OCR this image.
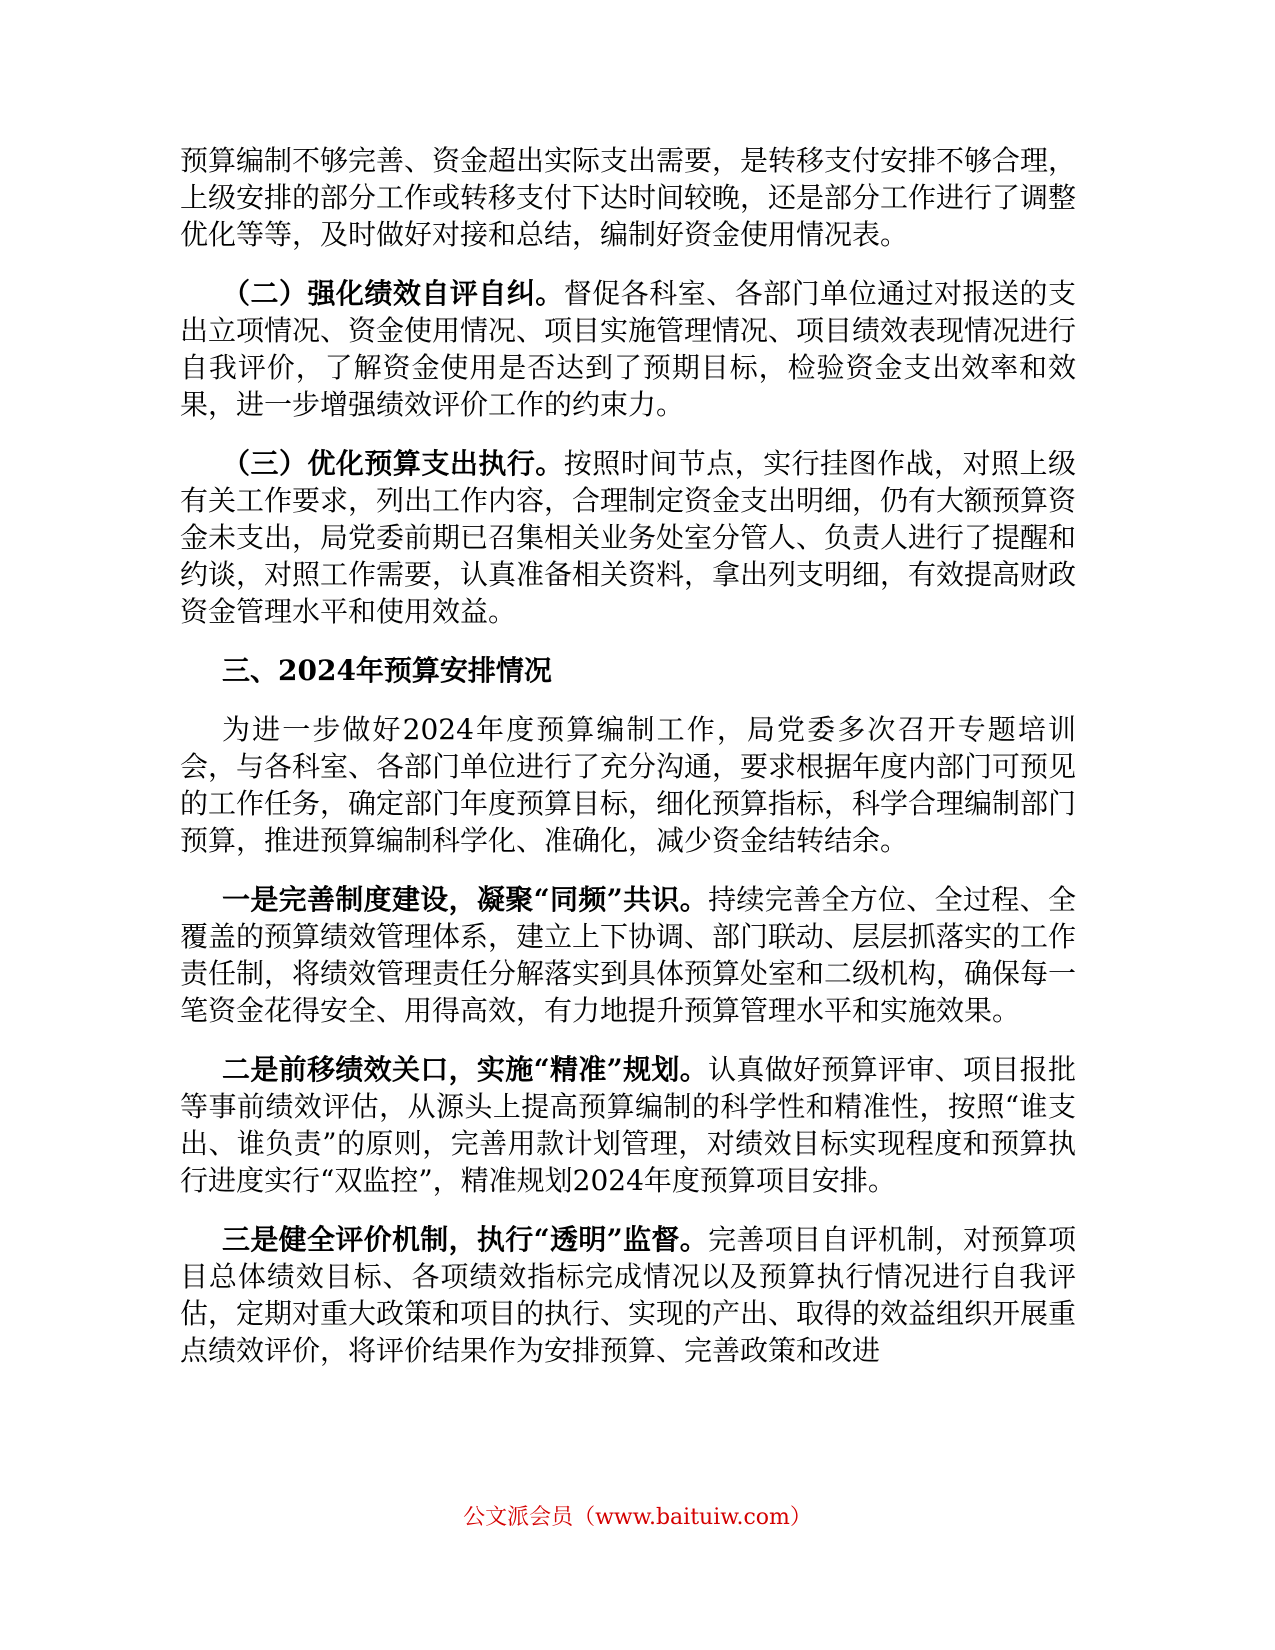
预算编制不够完善、资金超出实际支出需要，是转移支付安排不够合理，上级安排的部分工作或转移支付下达时间较晚，还是部分工作进行了调整优化等等，及时做好对接和总结，编制好资金使用情况表。

（二）强化绩效自评自纠。督促各科室、各部门单位通过对报送的支出立项情况、资金使用情况、项目实施管理情况、项目绩效表现情况进行自我评价，了解资金使用是否达到了预期目标，检验资金支出效率和效果，进一步增强绩效评价工作的约束力。

（三）优化预算支出执行。按照时间节点，实行挂图作战，对照上级有关工作要求，列出工作内容，合理制定资金支出明细，仍有大额预算资金未支出，局党委前期已召集相关业务处室分管人、负责人进行了提醒和约谈，对照工作需要，认真准备相关资料，拿出列支明细，有效提高财政资金管理水平和使用效益。

三、2024年预算安排情况

为进一步做好2024年度预算编制工作，局党委多次召开专题培训会，与各科室、各部门单位进行了充分沟通，要求根据年度内部门可预见的工作任务，确定部门年度预算目标，细化预算指标，科学合理编制部门预算，推进预算编制科学化、准确化，减少资金结转结余。

一是完善制度建设，凝聚“同频”共识。持续完善全方位、全过程、全覆盖的预算绩效管理体系，建立上下协调、部门联动、层层抓落实的工作责任制，将绩效管理责任分解落实到具体预算处室和二级机构，确保每一笔资金花得安全、用得高效，有力地提升预算管理水平和实施效果。

二是前移绩效关口，实施“精准”规划。认真做好预算评审、项目报批等事前绩效评估，从源头上提高预算编制的科学性和精准性，按照“谁支出、谁负责”的原则，完善用款计划管理，对绩效目标实现程度和预算执行进度实行“双监控”，精准规划2024年度预算项目安排。

三是健全评价机制，执行“透明”监督。完善项目自评机制，对预算项目总体绩效目标、各项绩效指标完成情况以及预算执行情况进行自我评估，定期对重大政策和项目的执行、实现的产出、取得的效益组织开展重点绩效评价，将评价结果作为安排预算、完善政策和改进

公文派会员（www.baituiw.com）
